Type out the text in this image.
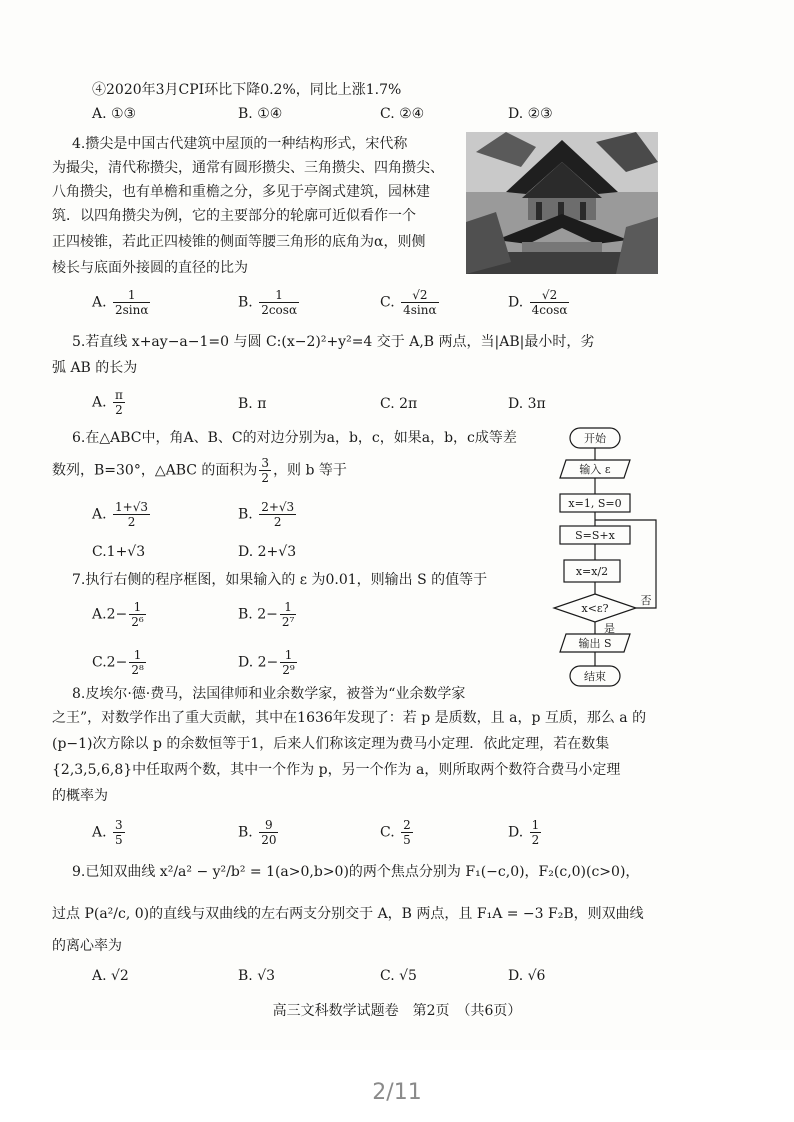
④2020年3月CPI环比下降0.2%，同比上涨1.7%
A. ①③	B. ①④	C. ②④	D. ②③
4.攒尖是中国古代建筑中屋顶的一种结构形式，宋代称
为撮尖，清代称攒尖，通常有圆形攒尖、三角攒尖、四角攒尖、
八角攒尖，也有单檐和重檐之分，多见于亭阁式建筑，园林建
筑．以四角攒尖为例，它的主要部分的轮廓可近似看作一个
正四棱锥，若此正四棱锥的侧面等腰三角形的底角为α，则侧
棱长与底面外接圆的直径的比为
A. $\frac{1}{2\sin\alpha}$	B. $\frac{1}{2\cos\alpha}$	C. $\frac{√2}{4\sin\alpha}$	D. $\frac{√2}{4\cos\alpha}$
5.若直线 x+ay−a−1=0 与圆 C:(x−2)²+y²=4 交于 A,B 两点，当|AB|最小时，劣
弧 AB 的长为
A. $\frac{\pi}{2}$	B. π	C. 2π	D. 3π
6.在△ABC中，角A、B、C的对边分别为a，b，c，如果a，b，c成等差
数列，B=30°，△ABC 的面积为 $\frac{3}{2}$ ，则 b 等于
A. $\frac{1+√3}{2}$	B. $\frac{2+√3}{2}$
C.1+√3	D. 2+√3
7.执行右侧的程序框图，如果输入的 ε 为0.01，则输出 S 的值等于
$A.2- \frac{1}{\text{2⁶}}$	B. $2- \frac{1}{\text{2⁷}}$
$C.2- \frac{1}{\text{2⁸}}$	D. $2- \frac{1}{\text{2⁹}}$
开始
输入 ε
x=1, S=0
S=S+x
x=x/2
x<ε?
否
是
输出 S
结束
8.皮埃尔·德·费马，法国律师和业余数学家，被誉为“业余数学家
之王”，对数学作出了重大贡献，其中在1636年发现了：若 p 是质数，且 a，p 互质，那么 a 的
(p−1)次方除以 p 的余数恒等于1，后来人们称该定理为费马小定理．依此定理，若在数集
{2,3,5,6,8}中任取两个数，其中一个作为 p，另一个作为 a，则所取两个数符合费马小定理
的概率为
A. $\frac{3}{5}$	B. $\frac{9}{20}$	C. $\frac{2}{5}$	D. $\frac{1}{2}$
9.已知双曲线 x²/a² − y²/b² = 1(a>0,b>0)的两个焦点分别为 F₁(−c,0)，F₂(c,0)(c>0)，
过点 P(a²/c, 0)的直线与双曲线的左右两支分别交于 A，B 两点，且 F₁A = −3 F₂B，则双曲线
的离心率为
A. √2	B. √3	C. √5	D. √6
高三文科数学试题卷　第2页　（共6页）
2/11
